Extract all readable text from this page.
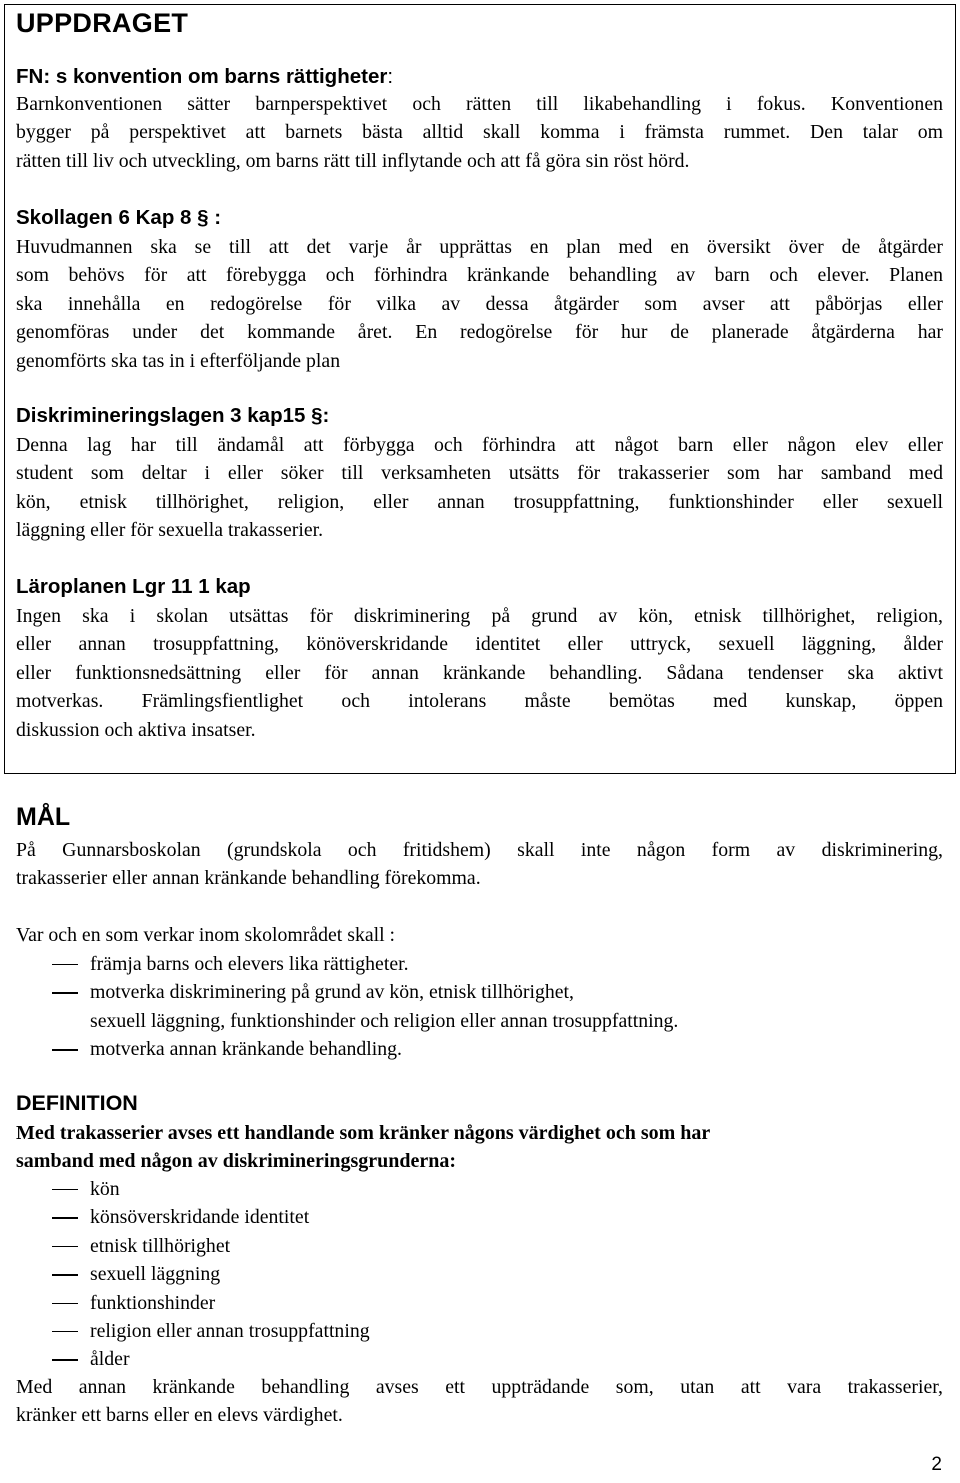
UPPDRAGET
FN: s konvention om barns rättigheter:
Barnkonventionen sätter barnperspektivet och rätten till likabehandling i fokus. Konventionen
bygger på perspektivet att barnets bästa alltid skall komma i främsta rummet. Den talar om
rätten till liv och utveckling, om barns rätt till inflytande och att få göra sin röst hörd.
Skollagen 6 Kap 8 § :
Huvudmannen ska se till att det varje år upprättas en plan med en översikt över de åtgärder
som behövs för att förebygga och förhindra kränkande behandling av barn och elever. Planen
ska innehålla en redogörelse för vilka av dessa åtgärder som avser att påbörjas eller
genomföras under det kommande året. En redogörelse för hur de planerade åtgärderna har
genomförts ska tas in i efterföljande plan
Diskrimineringslagen 3 kap15 §:
Denna lag har till ändamål att förbygga och förhindra att något barn eller någon elev eller
student som deltar i eller söker till verksamheten utsätts för trakasserier som har samband med
kön, etnisk tillhörighet, religion, eller annan trosuppfattning, funktionshinder eller sexuell
läggning eller för sexuella trakasserier.
Läroplanen Lgr 11 1 kap
Ingen ska i skolan utsättas för diskriminering på grund av kön, etnisk tillhörighet, religion,
eller annan trosuppfattning, könöverskridande identitet eller uttryck, sexuell läggning, ålder
eller funktionsnedsättning eller för annan kränkande behandling. Sådana tendenser ska aktivt
motverkas. Främlingsfientlighet och intolerans måste bemötas med kunskap, öppen
diskussion och aktiva insatser.
MÅL
På Gunnarsboskolan (grundskola och fritidshem) skall inte någon form av diskriminering,
trakasserier eller annan kränkande behandling förekomma.
Var och en som verkar inom skolområdet skall :
främja barns och elevers lika rättigheter.
motverka diskriminering på grund av kön, etnisk tillhörighet,
sexuell läggning, funktionshinder och religion eller annan trosuppfattning.
motverka annan kränkande behandling.
DEFINITION
Med trakasserier avses ett handlande som kränker någons värdighet och som har
samband med någon av diskrimineringsgrunderna:
kön
könsöverskridande identitet
etnisk tillhörighet
sexuell läggning
funktionshinder
religion eller annan trosuppfattning
ålder
Med annan kränkande behandling avses ett uppträdande som, utan att vara trakasserier,
kränker ett barns eller en elevs värdighet.
2
